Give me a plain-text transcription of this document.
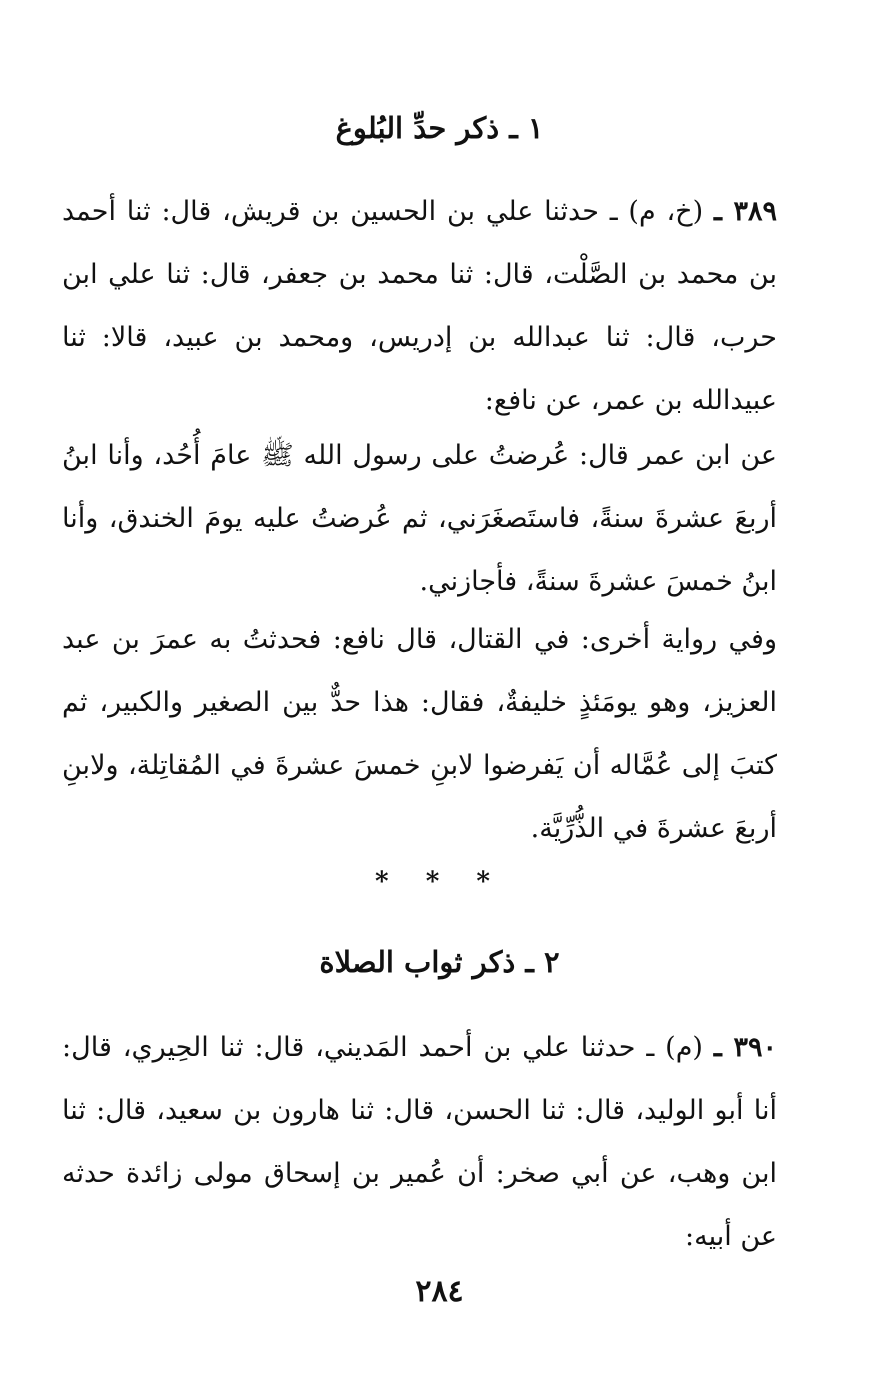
١ ـ ذكر حدِّ البُلوغ
٣٨٩ ـ (خ، م) ـ حدثنا علي بن الحسين بن قريش، قال: ثنا أحمد بن محمد بن الصَّلْت، قال: ثنا محمد بن جعفر، قال: ثنا علي ابن حرب، قال: ثنا عبدالله بن إدريس، ومحمد بن عبيد، قالا: ثنا عبيدالله بن عمر، عن نافع:
عن ابن عمر قال: عُرضتُ على رسول الله ﷺ عامَ أُحُد، وأنا ابنُ أربعَ عشرةَ سنةً، فاستَصغَرَني، ثم عُرضتُ عليه يومَ الخندق، وأنا ابنُ خمسَ عشرةَ سنةً، فأجازني.
وفي رواية أخرى: في القتال، قال نافع: فحدثتُ به عمرَ بن عبد العزيز، وهو يومَئذٍ خليفةٌ، فقال: هذا حدٌّ بين الصغير والكبير، ثم كتبَ إلى عُمَّاله أن يَفرضوا لابنِ خمسَ عشرةَ في المُقاتِلة، ولابنِ أربعَ عشرةَ في الذُّرِّيَّة.
* * *
٢ ـ ذكر ثواب الصلاة
٣٩٠ ـ (م) ـ حدثنا علي بن أحمد المَديني، قال: ثنا الحِيري، قال: أنا أبو الوليد، قال: ثنا الحسن، قال: ثنا هارون بن سعيد، قال: ثنا ابن وهب، عن أبي صخر: أن عُمير بن إسحاق مولى زائدة حدثه عن أبيه:
٢٨٤
